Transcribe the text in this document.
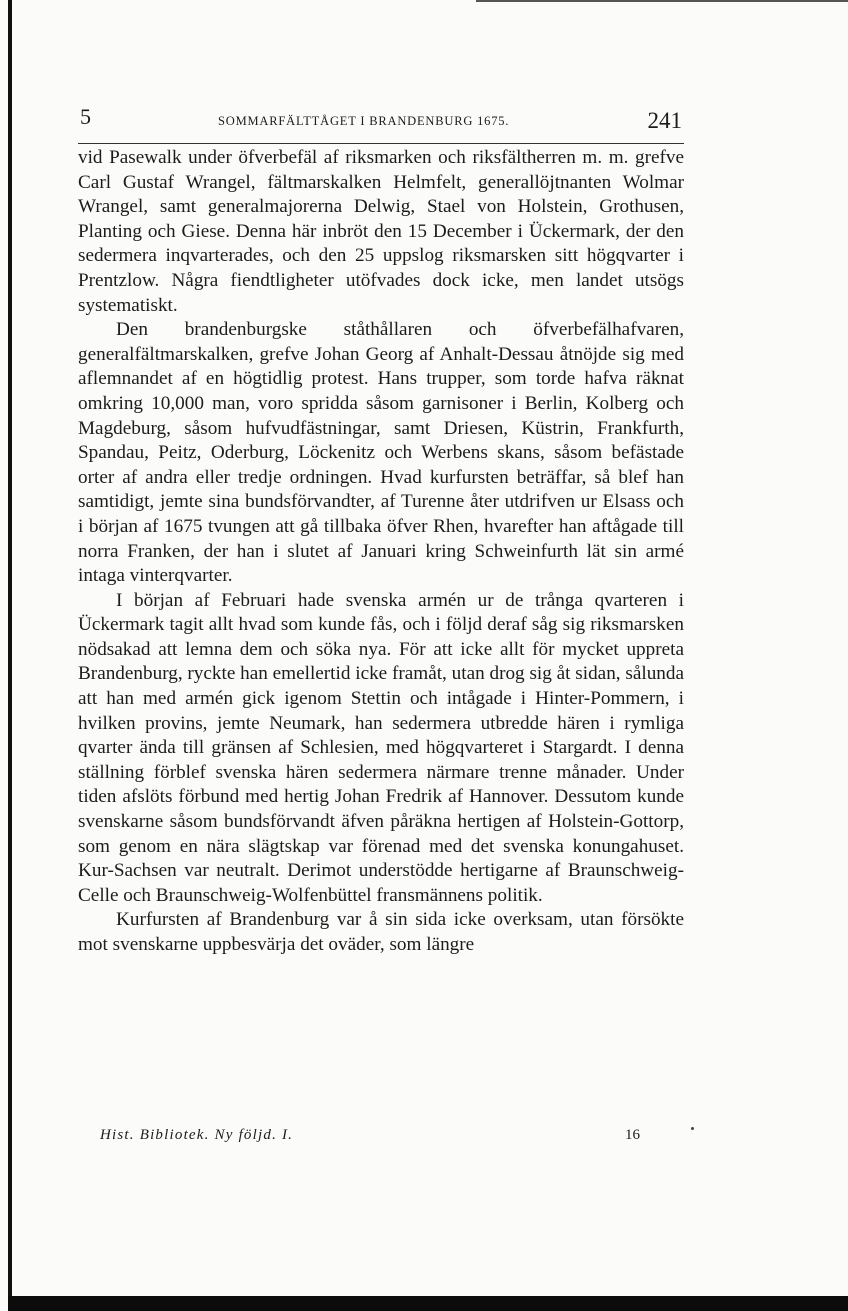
5	SOMMARFÄLTTÅGET I BRANDENBURG 1675.	241

vid Pasewalk under öfverbefäl af riksmarken och riksfältherren m. m. grefve Carl Gustaf Wrangel, fältmarskalken Helmfelt, generallöjtnanten Wolmar Wrangel, samt generalmajorerna Delwig, Stael von Holstein, Grothusen, Planting och Giese. Denna här inbröt den 15 December i Ückermark, der den sedermera inqvarterades, och den 25 uppslog riksmarsken sitt högqvarter i Prentzlow. Några fiendtligheter utöfvades dock icke, men landet utsögs systematiskt.

Den brandenburgske ståthållaren och öfverbefälhafvaren, generalfältmarskalken, grefve Johan Georg af Anhalt-Dessau åtnöjde sig med aflemnandet af en högtidlig protest. Hans trupper, som torde hafva räknat omkring 10,000 man, voro spridda såsom garnisoner i Berlin, Kolberg och Magdeburg, såsom hufvudfästningar, samt Driesen, Küstrin, Frankfurth, Spandau, Peitz, Oderburg, Löckenitz och Werbens skans, såsom befästade orter af andra eller tredje ordningen. Hvad kurfursten beträffar, så blef han samtidigt, jemte sina bundsförvandter, af Turenne åter utdrifven ur Elsass och i början af 1675 tvungen att gå tillbaka öfver Rhen, hvarefter han aftågade till norra Franken, der han i slutet af Januari kring Schweinfurth lät sin armé intaga vinterqvarter.

I början af Februari hade svenska armén ur de trånga qvarteren i Ückermark tagit allt hvad som kunde fås, och i följd deraf såg sig riksmarsken nödsakad att lemna dem och söka nya. För att icke allt för mycket uppreta Brandenburg, ryckte han emellertid icke framåt, utan drog sig åt sidan, sålunda att han med armén gick igenom Stettin och intågade i Hinter-Pommern, i hvilken provins, jemte Neumark, han sedermera utbredde hären i rymliga qvarter ända till gränsen af Schlesien, med högqvarteret i Stargardt. I denna ställning förblef svenska hären sedermera närmare trenne månader. Under tiden afslöts förbund med hertig Johan Fredrik af Hannover. Dessutom kunde svenskarne såsom bundsförvandt äfven påräkna hertigen af Holstein-Gottorp, som genom en nära slägtskap var förenad med det svenska konungahuset. Kur-Sachsen var neutralt. Derimot understödde hertigarne af Braunschweig-Celle och Braunschweig-Wolfenbüttel fransmännens politik.

Kurfursten af Brandenburg var å sin sida icke overksam, utan försökte mot svenskarne uppbesvärja det oväder, som längre

Hist. Bibliotek. Ny följd. I.	16
